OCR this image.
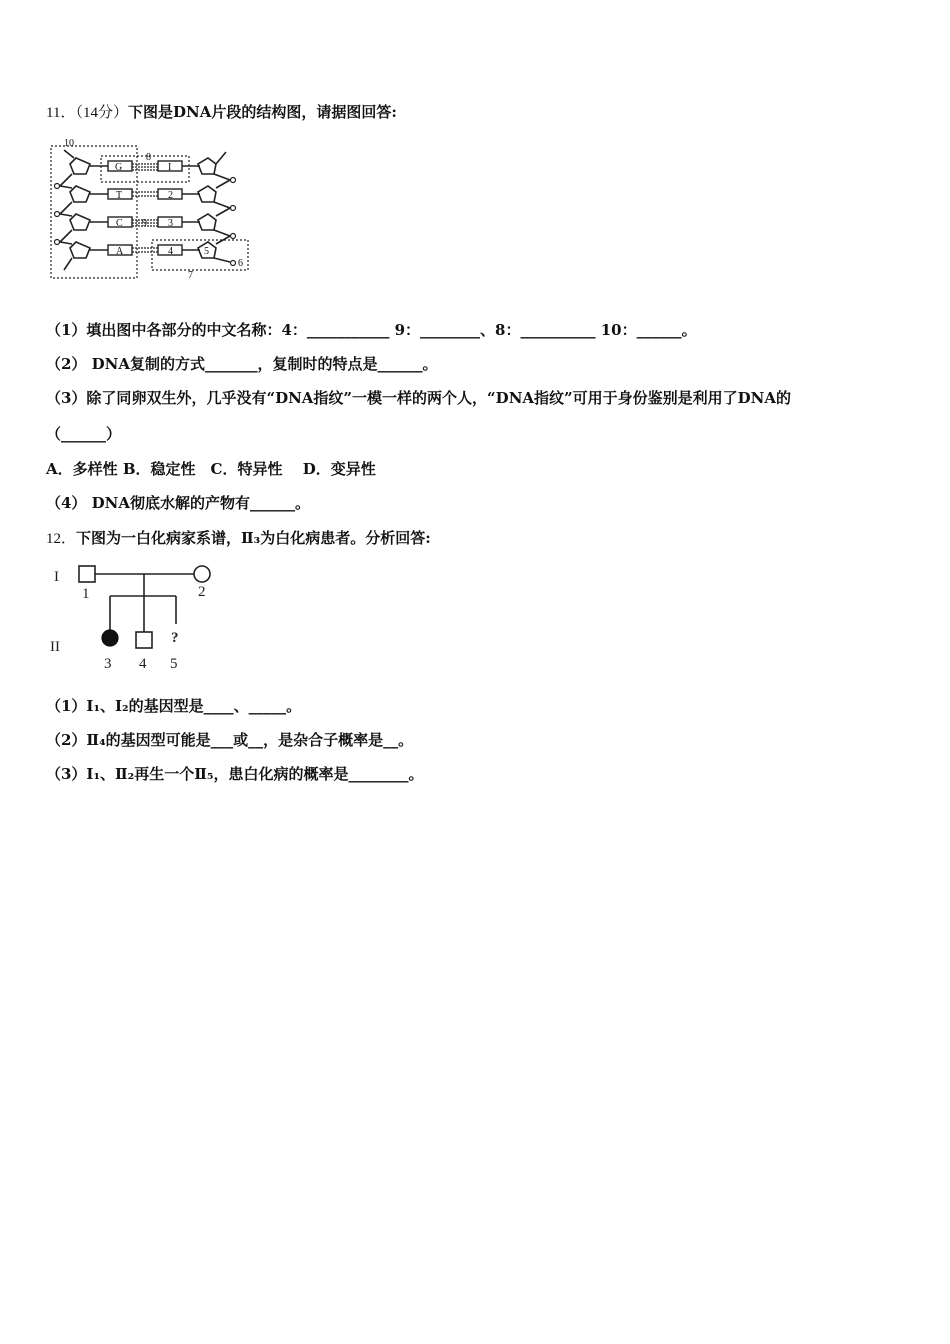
11．（14分）下图是DNA片段的结构图，请据图回答:
10
8
G	I
T	2
C 9 3
A	4	5
6
7
（1）填出图中各部分的中文名称：4：___________ 9：________、8：__________ 10：______。
（2） DNA复制的方式_______，复制时的特点是______。
（3）除了同卵双生外，几乎没有“DNA指纹”一模一样的两个人，“DNA指纹”可用于身份鉴别是利用了DNA的
（______）
A．多样性 B．稳定性　C．特异性　 D．变异性
（4） DNA彻底水解的产物有______。
12．下图为一白化病家系谱，Ⅱ₃为白化病患者。分析回答:
I
II
1	2
3 4 5
?
（1）Ⅰ₁、Ⅰ₂的基因型是____、_____。
（2）Ⅱ₄的基因型可能是___或__，是杂合子概率是__。
（3）Ⅰ₁、Ⅱ₂再生一个Ⅱ₅，患白化病的概率是________。
